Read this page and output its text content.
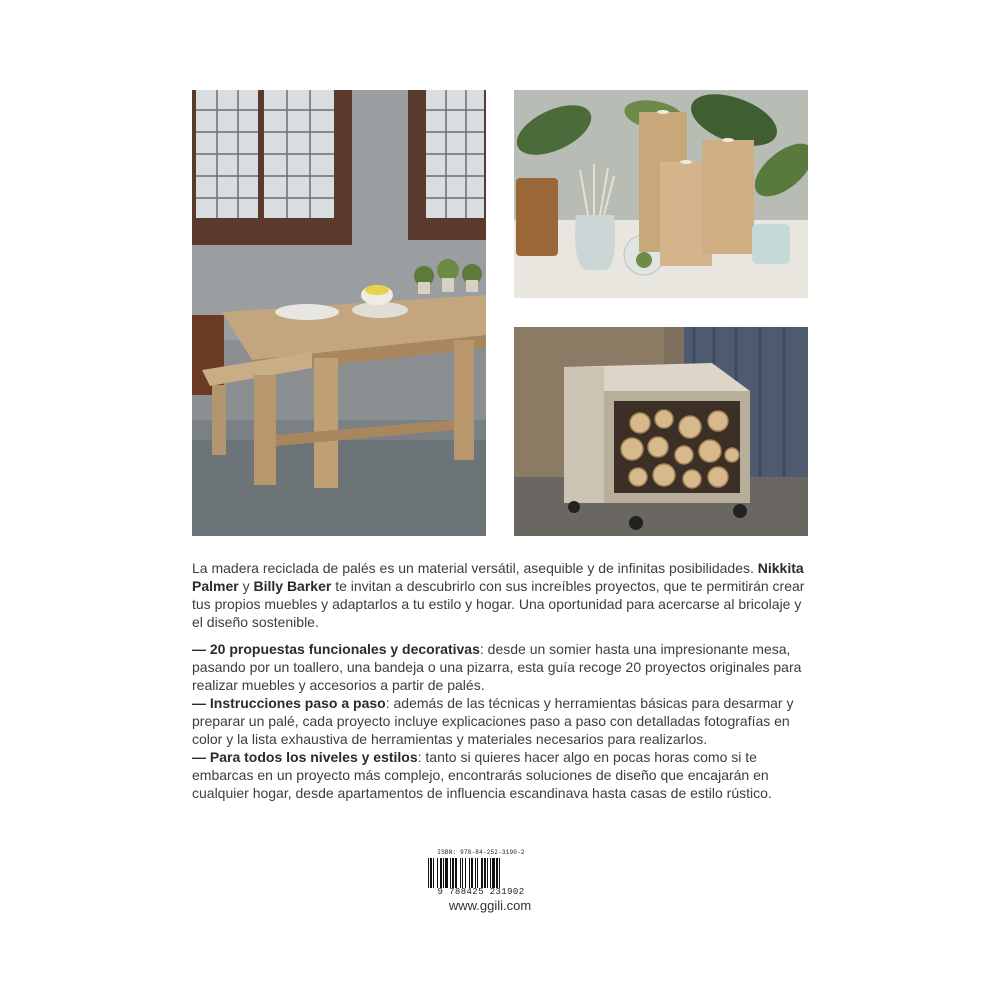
La madera reciclada de palés es un material versátil, asequible y de infinitas posibilidades. Nikkita Palmer y Billy Barker te invitan a descubrirlo con sus increíbles proyectos, que te permitirán crear tus propios muebles y adaptarlos a tu estilo y hogar. Una oportunidad para acercarse al bricolaje y el diseño sostenible.

— 20 propuestas funcionales y decorativas: desde un somier hasta una impresionante mesa, pasando por un toallero, una bandeja o una pizarra, esta guía recoge 20 proyectos originales para realizar muebles y accesorios a partir de palés.

— Instrucciones paso a paso: además de las técnicas y herramientas básicas para desarmar y preparar un palé, cada proyecto incluye explicaciones paso a paso con detalladas fotografías en color y la lista exhaustiva de herramientas y materiales necesarios para realizarlos.

— Para todos los niveles y estilos: tanto si quieres hacer algo en pocas horas como si te embarcas en un proyecto más complejo, encontrarás soluciones de diseño que encajarán en cualquier hogar, desde apartamentos de influencia escandinava hasta casas de estilo rústico.

ISBN: 978-84-252-3190-2
9 788425 231902
www.ggili.com
